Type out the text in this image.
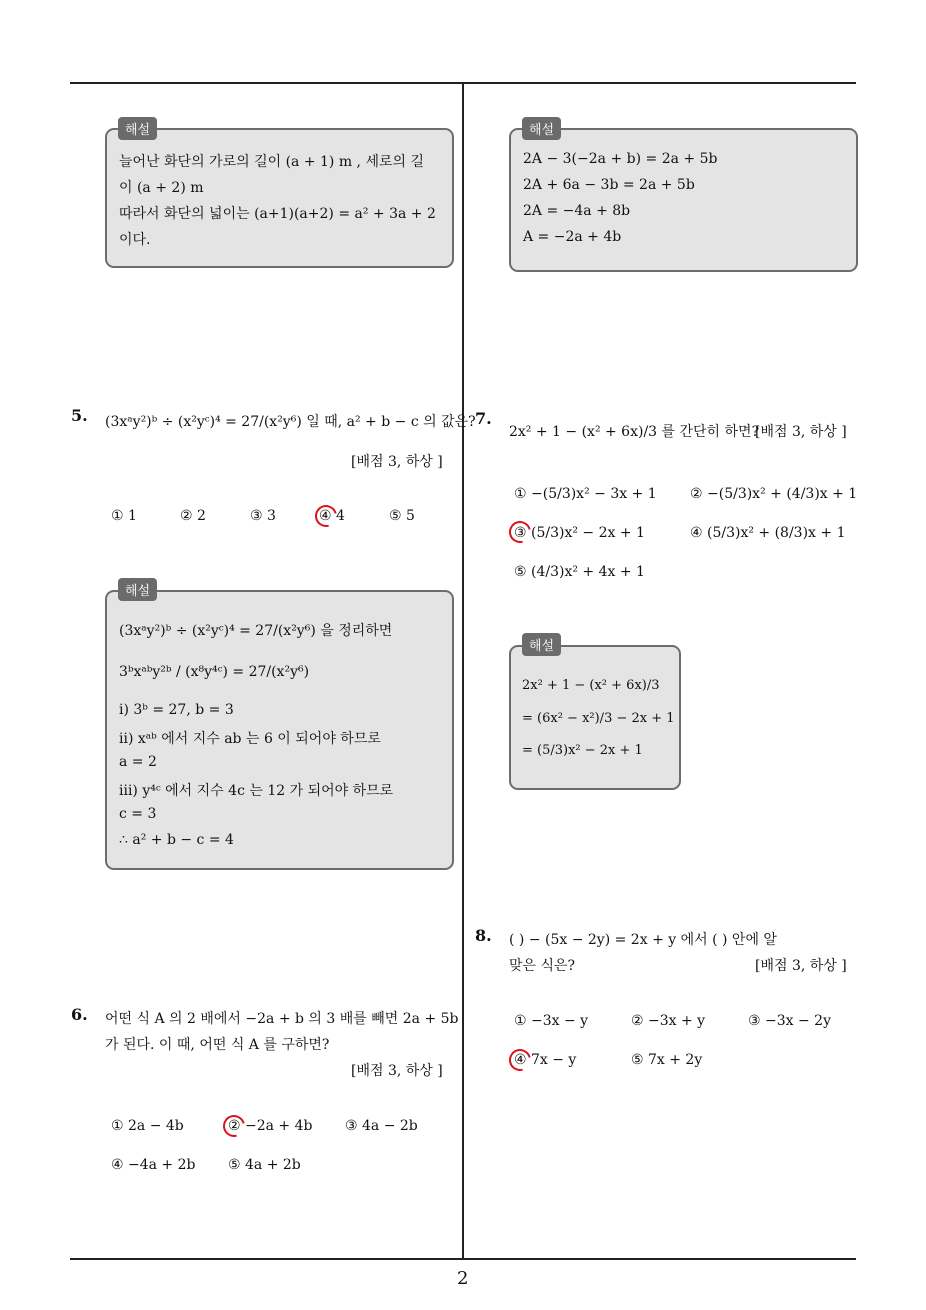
해설
늘어난 화단의 가로의 길이 (a + 1) m , 세로의 길
이 (a + 2) m
따라서 화단의 넓이는 (a+1)(a+2) = a² + 3a + 2
이다.
해설
2A − 3(−2a + b) = 2a + 5b
2A + 6a − 3b = 2a + 5b
2A = −4a + 8b
A = −2a + 4b
5. (3xᵃy²)ᵇ ÷ (x²yᶜ)⁴ = 27/(x²y⁶) 일 때, a² + b − c 의 값은?
[배점 3, 하상 ]
① 1	② 2	③ 3	④ 4	⑤ 5
해설
(3xᵃy²)ᵇ ÷ (x²yᶜ)⁴ = 27/(x²y⁶) 을 정리하면
3ᵇxᵃᵇy²ᵇ / (x⁸y⁴ᶜ) = 27/(x²y⁶)
ⅰ) 3ᵇ = 27, b = 3
ⅱ) xᵃᵇ 에서 지수 ab 는 6 이 되어야 하므로
a = 2
ⅲ) y⁴ᶜ 에서 지수 4c 는 12 가 되어야 하므로
c = 3
∴ a² + b − c = 4
6. 어떤 식 A 의 2 배에서 −2a + b 의 3 배를 빼면 2a + 5b
가 된다. 이 때, 어떤 식 A 를 구하면?
[배점 3, 하상 ]
① 2a − 4b	② −2a + 4b ③ 4a − 2b
④ −4a + 2b ⑤ 4a + 2b
7.
2x² + 1 − (x² + 6x)/3 를 간단히 하면?
[배점 3, 하상 ]
① −(5/3)x² − 3x + 1 ② −(5/3)x² + (4/3)x + 1
③ (5/3)x² − 2x + 1	④ (5/3)x² + (8/3)x + 1
⑤ (4/3)x² + 4x + 1
해설
2x² + 1 − (x² + 6x)/3
= (6x² − x²)/3 − 2x + 1
= (5/3)x² − 2x + 1
8. ( ) − (5x − 2y) = 2x + y 에서 ( ) 안에 알
맞은 식은?	[배점 3, 하상 ]
① −3x − y	② −3x + y	③ −3x − 2y
④ 7x − y	⑤ 7x + 2y
2
